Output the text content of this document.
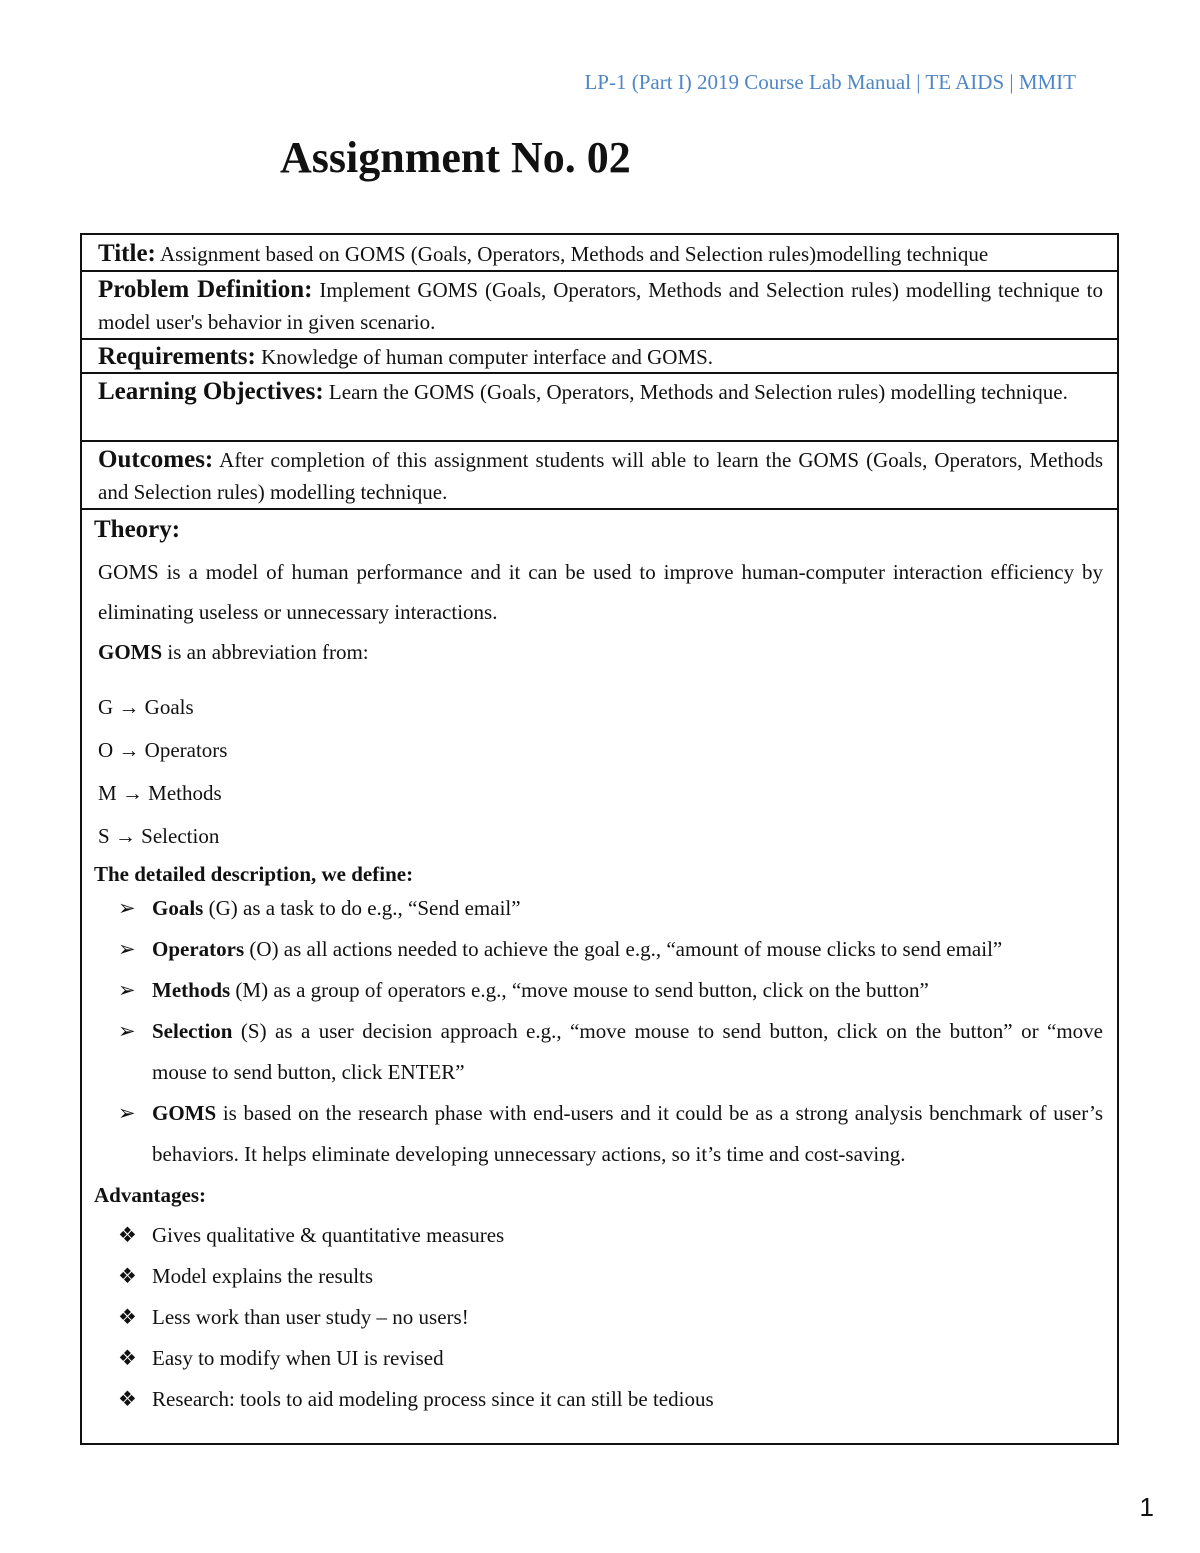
LP-1 (Part I) 2019 Course Lab Manual | TE AIDS | MMIT
Assignment No. 02
Title: Assignment based on GOMS (Goals, Operators, Methods and Selection rules)modelling technique
Problem Definition: Implement GOMS (Goals, Operators, Methods and Selection rules) modelling technique to model user's behavior in given scenario.
Requirements: Knowledge of human computer interface and GOMS.
Learning Objectives: Learn the GOMS (Goals, Operators, Methods and Selection rules) modelling technique.
Outcomes: After completion of this assignment students will able to learn the GOMS (Goals, Operators, Methods and Selection rules) modelling technique.
Theory:

GOMS is a model of human performance and it can be used to improve human-computer interaction efficiency by eliminating useless or unnecessary interactions.

GOMS is an abbreviation from:

G → Goals
O → Operators
M → Methods
S → Selection

The detailed description, we define:

➢ Goals (G) as a task to do e.g., “Send email”
➢ Operators (O) as all actions needed to achieve the goal e.g., “amount of mouse clicks to send email”
➢ Methods (M) as a group of operators e.g., “move mouse to send button, click on the button”
➢ Selection (S) as a user decision approach e.g., “move mouse to send button, click on the button” or “move mouse to send button, click ENTER”
➢ GOMS is based on the research phase with end-users and it could be as a strong analysis benchmark of user’s behaviors. It helps eliminate developing unnecessary actions, so it’s time and cost-saving.

Advantages:

❖ Gives qualitative & quantitative measures
❖ Model explains the results
❖ Less work than user study – no users!
❖ Easy to modify when UI is revised
❖ Research: tools to aid modeling process since it can still be tedious
1
